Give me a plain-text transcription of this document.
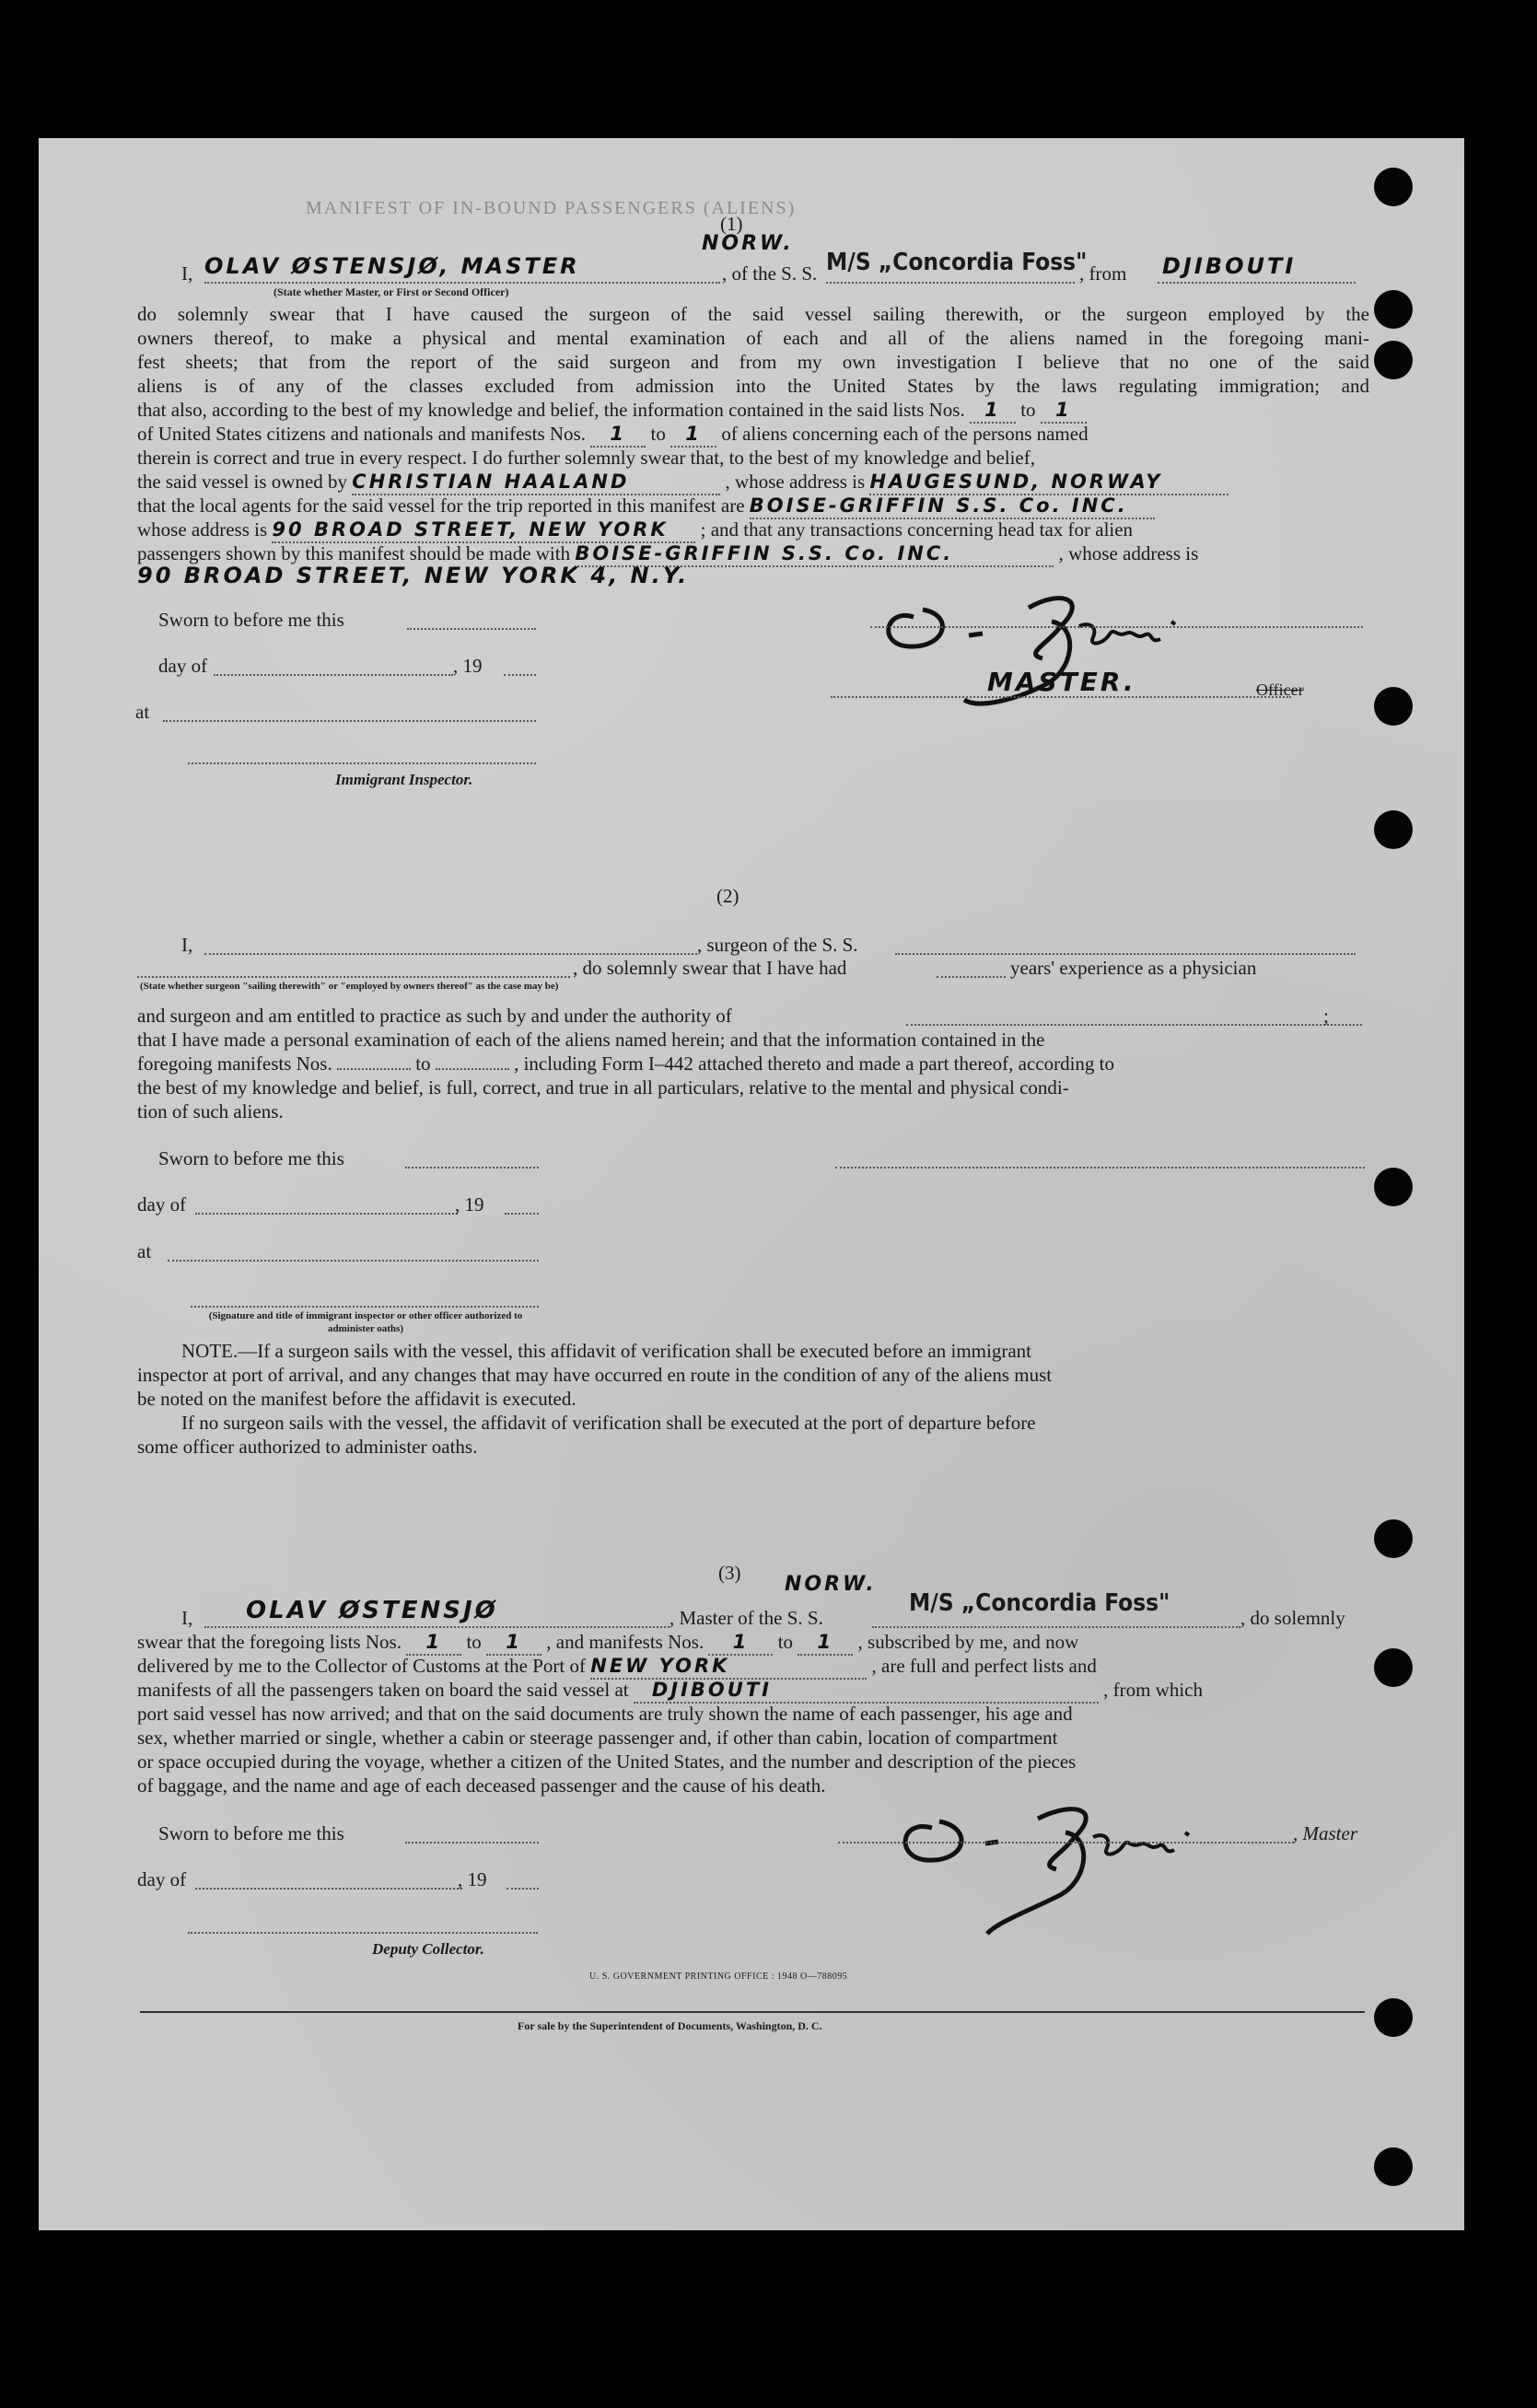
MANIFEST OF IN-BOUND PASSENGERS (ALIENS)
(1)
NORW.
I, OLAV ØSTENSJØ, MASTER	, of the S. S. M/S „Concordia Foss"
, from DJIBOUTI
(State whether Master, or First or Second Officer)
do solemnly swear that I have caused the surgeon of the said vessel sailing therewith, or the surgeon employed by the
owners thereof, to make a physical and mental examination of each and all of the aliens named in the foregoing mani-
fest sheets; that from the report of the said surgeon and from my own investigation I believe that no one of the said
aliens is of any of the classes excluded from admission into the United States by the laws regulating immigration; and
that also, according to the best of my knowledge and belief, the information contained in the said lists Nos. 1 to 1
of United States citizens and nationals and manifests Nos. 1 to 1 of aliens concerning each of the persons named
therein is correct and true in every respect. I do further solemnly swear that, to the best of my knowledge and belief,
the said vessel is owned by CHRISTIAN HAALAND	, whose address is HAUGESUND, NORWAY
that the local agents for the said vessel for the trip reported in this manifest are BOISE-GRIFFIN S.S. Co. INC.
whose address is 90 BROAD STREET, NEW YORK ; and that any transactions concerning head tax for alien
passengers shown by this manifest should be made with BOISE-GRIFFIN S.S. Co. INC.	, whose address is
90 BROAD STREET, NEW YORK 4, N.Y.
Sworn to before me this
day of	, 19
at
Immigrant Inspector.
MASTER.	Officer
(2)
I,	, surgeon of the S. S.
, do solemnly swear that I have had	years' experience as a physician
(State whether surgeon "sailing therewith" or "employed by owners thereof" as the case may be)
and surgeon and am entitled to practice as such by and under the authority of	;
that I have made a personal examination of each of the aliens named herein; and that the information contained in the
foregoing manifests Nos.	to	, including Form I–442 attached thereto and made a part thereof, according to
the best of my knowledge and belief, is full, correct, and true in all particulars, relative to the mental and physical condi-
tion of such aliens.
Sworn to before me this
day of	, 19
at
(Signature and title of immigrant inspector or other officer authorized to administer oaths)
NOTE.—If a surgeon sails with the vessel, this affidavit of verification shall be executed before an immigrant
inspector at port of arrival, and any changes that may have occurred en route in the condition of any of the aliens must
be noted on the manifest before the affidavit is executed.
If no surgeon sails with the vessel, the affidavit of verification shall be executed at the port of departure before
some officer authorized to administer oaths.
(3) NORW.
I, OLAV ØSTENSJØ	, Master of the S. S.
M/S „Concordia Foss"
, do solemnly
swear that the foregoing lists Nos. 1 to 1 , and manifests Nos. 1 to 1 , subscribed by me, and now
delivered by me to the Collector of Customs at the Port of NEW YORK	, are full and perfect lists and
manifests of all the passengers taken on board the said vessel at DJIBOUTI	, from which
port said vessel has now arrived; and that on the said documents are truly shown the name of each passenger, his age and
sex, whether married or single, whether a cabin or steerage passenger and, if other than cabin, location of compartment
or space occupied during the voyage, whether a citizen of the United States, and the number and description of the pieces
of baggage, and the name and age of each deceased passenger and the cause of his death.
Sworn to before me this	, Master
day of	, 19
Deputy Collector.
U. S. GOVERNMENT PRINTING OFFICE : 1948 O—788095
For sale by the Superintendent of Documents, Washington, D. C.
